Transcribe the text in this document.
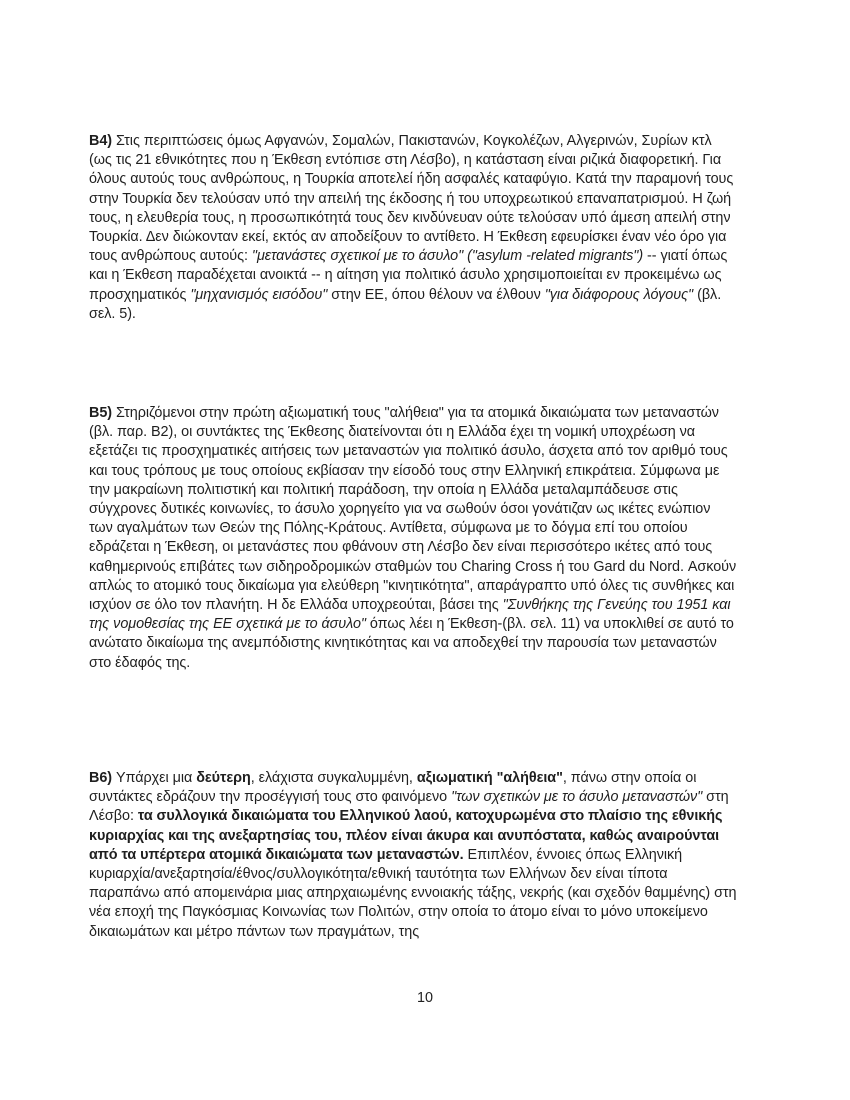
B4) Στις περιπτώσεις όμως Αφγανών, Σομαλών, Πακιστανών, Κογκολέζων, Αλγερινών, Συρίων κτλ (ως τις 21 εθνικότητες που η Έκθεση εντόπισε στη Λέσβο), η κατάσταση είναι ριζικά διαφορετική. Για όλους αυτούς τους ανθρώπους, η Τουρκία αποτελεί ήδη ασφαλές καταφύγιο. Κατά την παραμονή τους στην Τουρκία δεν τελούσαν υπό την απειλή της έκδοσης ή του υποχρεωτικού επαναπατρισμού. Η ζωή τους, η ελευθερία τους, η προσωπικότητά τους δεν κινδύνευαν ούτε τελούσαν υπό άμεση απειλή στην Τουρκία. Δεν διώκονταν εκεί, εκτός αν αποδείξουν το αντίθετο. Η Έκθεση εφευρίσκει έναν νέο όρο για τους ανθρώπους αυτούς: "μετανάστες σχετικοί με το άσυλο" ("asylum -related migrants") -- γιατί όπως και η Έκθεση παραδέχεται ανοικτά -- η αίτηση για πολιτικό άσυλο χρησιμοποιείται εν προκειμένω ως προσχηματικός "μηχανισμός εισόδου" στην ΕΕ, όπου θέλουν να έλθουν "για διάφορους λόγους" (βλ. σελ. 5).
B5) Στηριζόμενοι στην πρώτη αξιωματική τους "αλήθεια" για τα ατομικά δικαιώματα των μεταναστών (βλ. παρ. Β2), οι συντάκτες της Έκθεσης διατείνονται ότι η Ελλάδα έχει τη νομική υποχρέωση να εξετάζει τις προσχηματικές αιτήσεις των μεταναστών για πολιτικό άσυλο, άσχετα από τον αριθμό τους και τους τρόπους με τους οποίους εκβίασαν την είσοδό τους στην Ελληνική επικράτεια. Σύμφωνα με την μακραίωνη πολιτιστική και πολιτική παράδοση, την οποία η Ελλάδα μεταλαμπάδευσε στις σύγχρονες δυτικές κοινωνίες, το άσυλο χορηγείτο για να σωθούν όσοι γονάτιζαν ως ικέτες ενώπιον των αγαλμάτων των Θεών της Πόλης-Κράτους. Αντίθετα, σύμφωνα με το δόγμα επί του οποίου εδράζεται η Έκθεση, οι μετανάστες που φθάνουν στη Λέσβο δεν είναι περισσότερο ικέτες από τους καθημερινούς επιβάτες των σιδηροδρομικών σταθμών του Charing Cross ή του Gard du Nord. Ασκούν απλώς το ατομικό τους δικαίωμα για ελεύθερη "κινητικότητα", απαράγραπτο υπό όλες τις συνθήκες και ισχύον σε όλο τον πλανήτη. Η δε Ελλάδα υποχρεούται, βάσει της "Συνθήκης της Γενεύης του 1951 και της νομοθεσίας της ΕΕ σχετικά με το άσυλο" όπως λέει η Έκθεση-(βλ. σελ. 11) να υποκλιθεί σε αυτό το ανώτατο δικαίωμα της ανεμπόδιστης κινητικότητας και να αποδεχθεί την παρουσία των μεταναστών στο έδαφός της.
B6) Υπάρχει μια δεύτερη, ελάχιστα συγκαλυμμένη, αξιωματική "αλήθεια", πάνω στην οποία οι συντάκτες εδράζουν την προσέγγισή τους στο φαινόμενο "των σχετικών με το άσυλο μεταναστών" στη Λέσβο: τα συλλογικά δικαιώματα του Ελληνικού λαού, κατοχυρωμένα στο πλαίσιο της εθνικής κυριαρχίας και της ανεξαρτησίας του, πλέον είναι άκυρα και ανυπόστατα, καθώς αναιρούνται από τα υπέρτερα ατομικά δικαιώματα των μεταναστών. Επιπλέον, έννοιες όπως Ελληνική κυριαρχία/ανεξαρτησία/έθνος/συλλογικότητα/εθνική ταυτότητα των Ελλήνων δεν είναι τίποτα παραπάνω από απομεινάρια μιας απηρχαιωμένης εννοιακής τάξης, νεκρής (και σχεδόν θαμμένης) στη νέα εποχή της Παγκόσμιας Κοινωνίας των Πολιτών, στην οποία το άτομο είναι το μόνο υποκείμενο δικαιωμάτων και μέτρο πάντων των πραγμάτων, της
10
